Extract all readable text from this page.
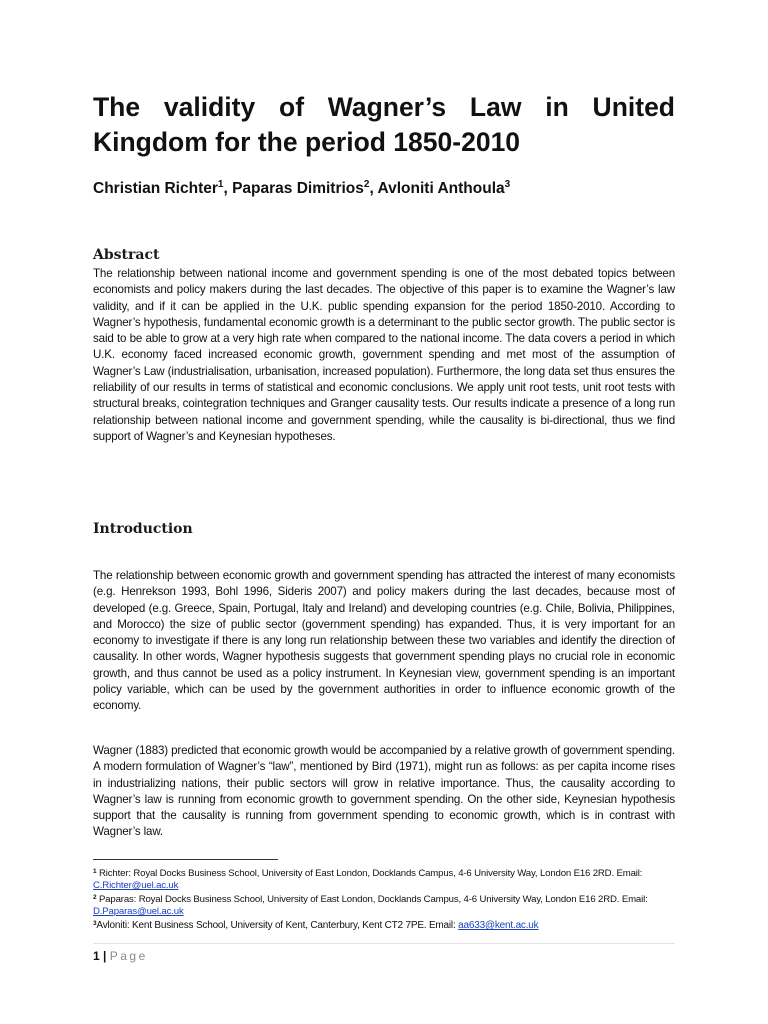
The validity of Wagner’s Law in United Kingdom for the period 1850-2010

Christian Richter$^1$, Paparas Dimitrios$^2$, Avloniti Anthoula$^3$

Abstract

The relationship between national income and government spending is one of the most debated topics between economists and policy makers during the last decades. The objective of this paper is to examine the Wagner’s law validity, and if it can be applied in the U.K. public spending expansion for the period 1850-2010. According to Wagner’s hypothesis, fundamental economic growth is a determinant to the public sector growth. The public sector is said to be able to grow at a very high rate when compared to the national income. The data covers a period in which U.K. economy faced increased economic growth, government spending and met most of the assumption of Wagner’s Law (industrialisation, urbanisation, increased population). Furthermore, the long data set thus ensures the reliability of our results in terms of statistical and economic conclusions. We apply unit root tests, unit root tests with structural breaks, cointegration techniques and Granger causality tests. Our results indicate a presence of a long run relationship between national income and government spending, while the causality is bi-directional, thus we find support of Wagner’s and Keynesian hypotheses.

Introduction

The relationship between economic growth and government spending has attracted the interest of many economists (e.g. Henrekson 1993, Bohl 1996, Sideris 2007) and policy makers during the last decades, because most of developed (e.g. Greece, Spain, Portugal, Italy and Ireland) and developing countries (e.g. Chile, Bolivia, Philippines, and Morocco) the size of public sector (government spending) has expanded. Thus, it is very important for an economy to investigate if there is any long run relationship between these two variables and identify the direction of causality. In other words, Wagner hypothesis suggests that government spending plays no crucial role in economic growth, and thus cannot be used as a policy instrument. In Keynesian view, government spending is an important policy variable, which can be used by the government authorities in order to influence economic growth of the economy.

Wagner (1883) predicted that economic growth would be accompanied by a relative growth of government spending. A modern formulation of Wagner’s “law”, mentioned by Bird (1971), might run as follows: as per capita income rises in industrializing nations, their public sectors will grow in relative importance. Thus, the causality according to Wagner’s law is running from economic growth to government spending. On the other side, Keynesian hypothesis support that the causality is running from government spending to economic growth, which is in contrast with Wagner’s law.

$^1$ Richter: Royal Docks Business School, University of East London, Docklands Campus, 4-6 University Way, London E16 2RD. Email: C.Richter@uel.ac.uk

$^2$ Paparas: Royal Docks Business School, University of East London, Docklands Campus, 4-6 University Way, London E16 2RD. Email: D.Paparas@uel.ac.uk

$^3$Avloniti: Kent Business School, University of Kent, Canterbury, Kent CT2 7PE. Email: aa633@kent.ac.uk

1 | Page
